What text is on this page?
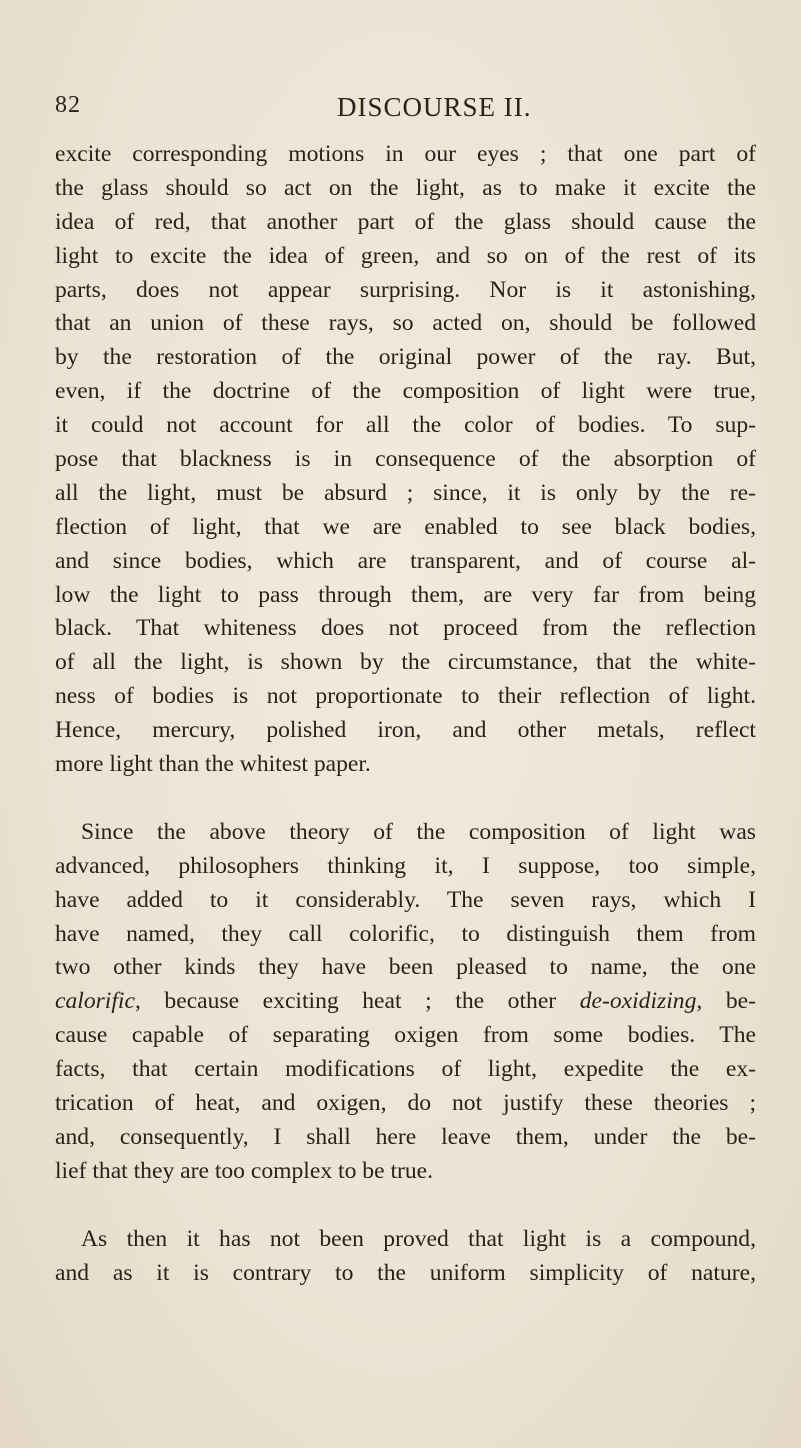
82	DISCOURSE II.
excite corresponding motions in our eyes ; that one part of
the glass should so act on the light, as to make it excite the
idea of red, that another part of the glass should cause the
light to excite the idea of green, and so on of the rest of its
parts, does not appear surprising. Nor is it astonishing,
that an union of these rays, so acted on, should be followed
by the restoration of the original power of the ray. But,
even, if the doctrine of the composition of light were true,
it could not account for all the color of bodies. To sup-
pose that blackness is in consequence of the absorption of
all the light, must be absurd ; since, it is only by the re-
flection of light, that we are enabled to see black bodies,
and since bodies, which are transparent, and of course al-
low the light to pass through them, are very far from being
black. That whiteness does not proceed from the reflection
of all the light, is shown by the circumstance, that the white-
ness of bodies is not proportionate to their reflection of light.
Hence, mercury, polished iron, and other metals, reflect
more light than the whitest paper.
Since the above theory of the composition of light was
advanced, philosophers thinking it, I suppose, too simple,
have added to it considerably. The seven rays, which I
have named, they call colorific, to distinguish them from
two other kinds they have been pleased to name, the one
calorific, because exciting heat ; the other de-oxidizing, be-
cause capable of separating oxigen from some bodies. The
facts, that certain modifications of light, expedite the ex-
trication of heat, and oxigen, do not justify these theories ;
and, consequently, I shall here leave them, under the be-
lief that they are too complex to be true.
As then it has not been proved that light is a compound,
and as it is contrary to the uniform simplicity of nature,
